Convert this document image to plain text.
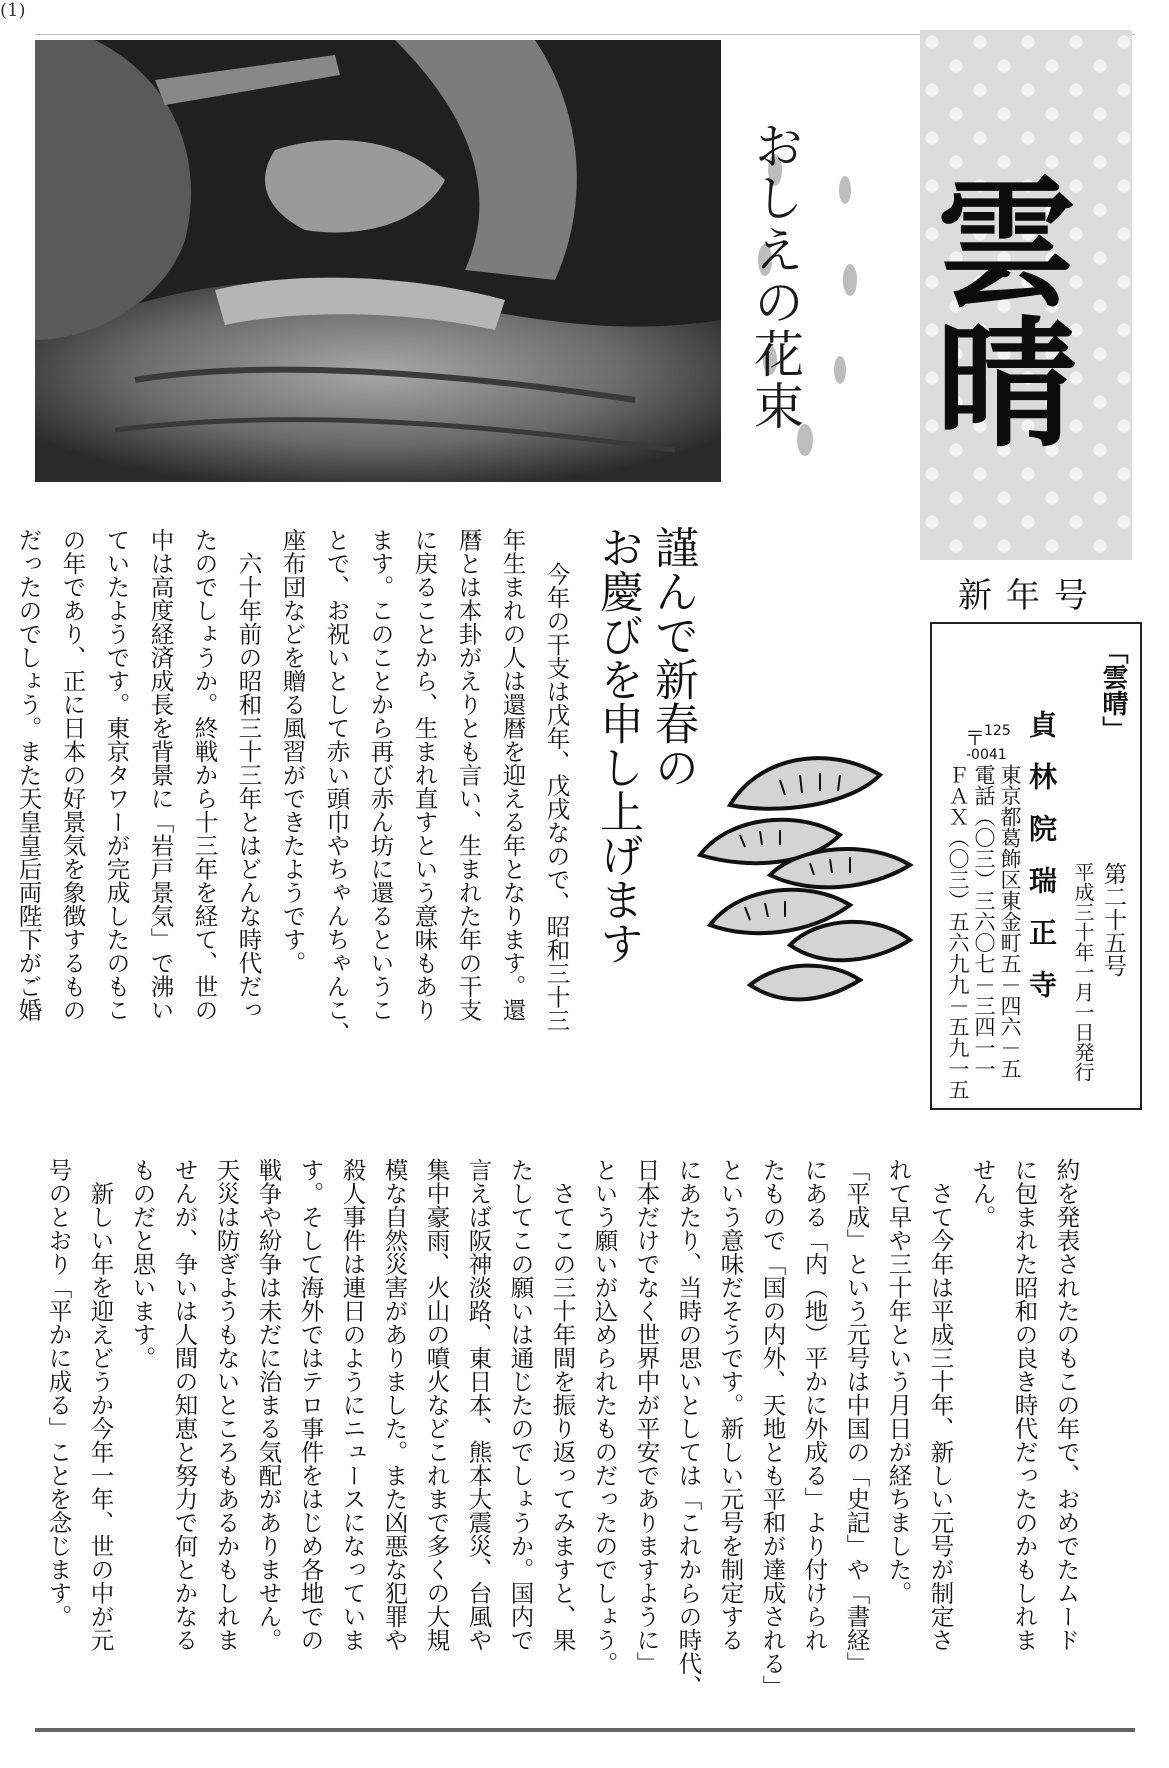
(1)
おしえの花束 雲晴
新年号
「雲晴」
第二十五号
平成三十年一月一日発行
貞林院瑞正寺
〒 125
-0041
東京都葛飾区東金町五－四六－五
電話（〇三）三六〇七－三四一一
ＦＡＸ（〇三）五六九九－五九一五
謹んで新春の
お慶びを申し上げます
今年の干支は戊年、戊戌なので、昭和三十三
年生まれの人は還暦を迎える年となります。還
暦とは本卦がえりとも言い、生まれた年の干支
に戻ることから、生まれ直すという意味もあり
ます。このことから再び赤ん坊に還るというこ
とで、お祝いとして赤い頭巾やちゃんちゃんこ、
座布団などを贈る風習ができたようです。
　六十年前の昭和三十三年とはどんな時代だっ
たのでしょうか。終戦から十三年を経て、世の
中は高度経済成長を背景に「岩戸景気」で沸い
ていたようです。東京タワーが完成したのもこ
の年であり、正に日本の好景気を象徴するもの
だったのでしょう。また天皇皇后両陛下がご婚
約を発表されたのもこの年で、おめでたムード
に包まれた昭和の良き時代だったのかもしれま
せん。
　さて今年は平成三十年、新しい元号が制定さ
れて早や三十年という月日が経ちました。
「平成」という元号は中国の「史記」や「書経」
にある「内（地）平かに外成る」より付けられ
たもので「国の内外、天地とも平和が達成される」
という意味だそうです。新しい元号を制定する
にあたり、当時の思いとしては「これからの時代、
日本だけでなく世界中が平安でありますように」
という願いが込められたものだったのでしょう。
　さてこの三十年間を振り返ってみますと、果
たしてこの願いは通じたのでしょうか。国内で
言えば阪神淡路、東日本、熊本大震災、台風や
集中豪雨、火山の噴火などこれまで多くの大規
模な自然災害がありました。また凶悪な犯罪や
殺人事件は連日のようにニュースになっていま
す。そして海外ではテロ事件をはじめ各地での
戦争や紛争は未だに治まる気配がありません。
天災は防ぎようもないところもあるかもしれま
せんが、争いは人間の知恵と努力で何とかなる
ものだと思います。
　新しい年を迎えどうか今年一年、世の中が元
号のとおり「平かに成る」ことを念じます。
